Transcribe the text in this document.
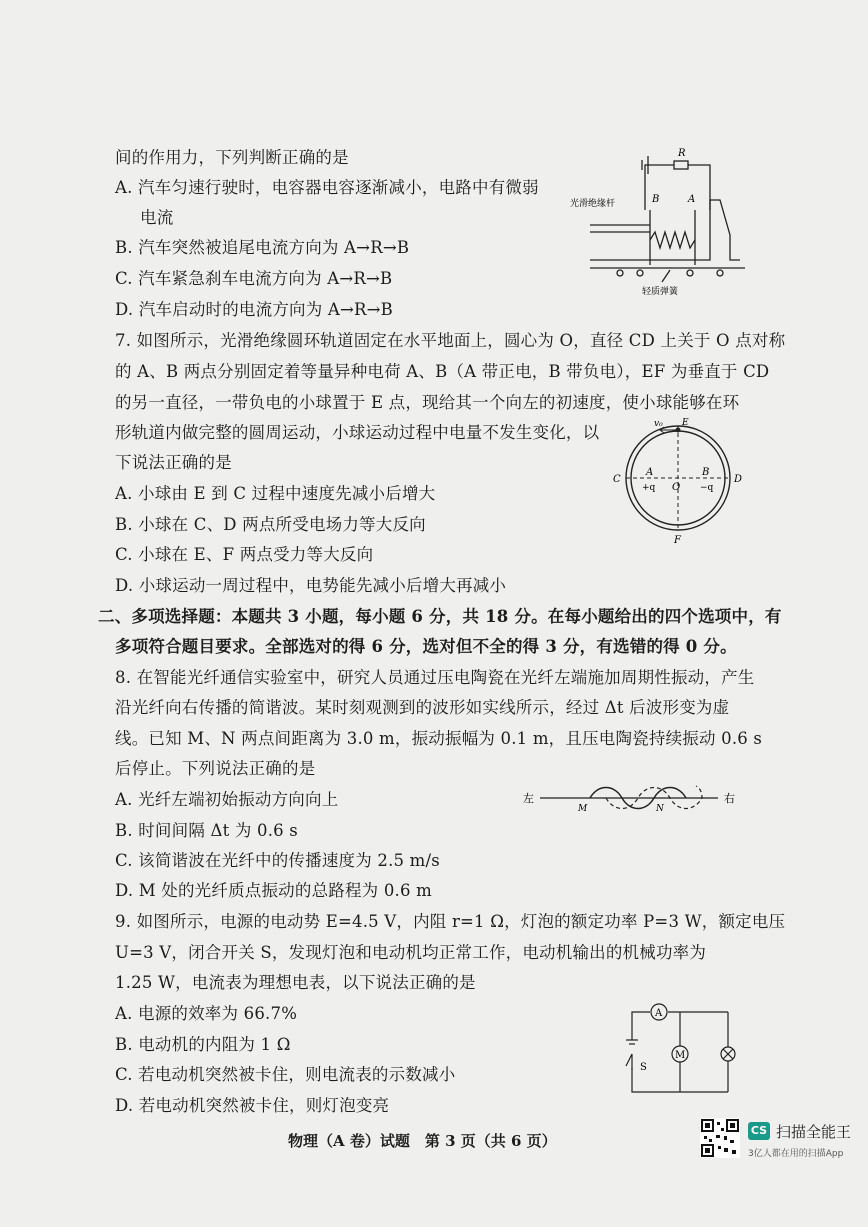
间的作用力，下列判断正确的是
A. 汽车匀速行驶时，电容器电容逐渐减小，电路中有微弱
电流
B. 汽车突然被追尾电流方向为 A→R→B
C. 汽车紧急刹车电流方向为 A→R→B
D. 汽车启动时的电流方向为 A→R→B
R
A
B
光滑绝缘杆
轻质弹簧
7. 如图所示，光滑绝缘圆环轨道固定在水平地面上，圆心为 O，直径 CD 上关于 O 点对称
的 A、B 两点分别固定着等量异种电荷 A、B（A 带正电，B 带负电），EF 为垂直于 CD
的另一直径，一带负电的小球置于 E 点，现给其一个向左的初速度，使小球能够在环
形轨道内做完整的圆周运动，小球运动过程中电量不发生变化，以
下说法正确的是
A. 小球由 E 到 C 过程中速度先减小后增大
B. 小球在 C、D 两点所受电场力等大反向
C. 小球在 E、F 两点受力等大反向
D. 小球运动一周过程中，电势能先减小后增大再减小
v₀ E
C	D
F
O
A	B
+q	−q
二、多项选择题：本题共 3 小题，每小题 6 分，共 18 分。在每小题给出的四个选项中，有
多项符合题目要求。全部选对的得 6 分，选对但不全的得 3 分，有选错的得 0 分。
8. 在智能光纤通信实验室中，研究人员通过压电陶瓷在光纤左端施加周期性振动，产生
沿光纤向右传播的简谐波。某时刻观测到的波形如实线所示，经过 Δt 后波形变为虚
线。已知 M、N 两点间距离为 3.0 m，振动振幅为 0.1 m，且压电陶瓷持续振动 0.6 s
后停止。下列说法正确的是
A. 光纤左端初始振动方向向上
B. 时间间隔 Δt 为 0.6 s
C. 该简谐波在光纤中的传播速度为 2.5 m/s
D. M 处的光纤质点振动的总路程为 0.6 m
左	右
M	N
9. 如图所示，电源的电动势 E=4.5 V，内阻 r=1 Ω，灯泡的额定功率 P=3 W，额定电压
U=3 V，闭合开关 S，发现灯泡和电动机均正常工作，电动机输出的机械功率为
1.25 W，电流表为理想电表，以下说法正确的是
A. 电源的效率为 66.7%
B. 电动机的内阻为 1 Ω
C. 若电动机突然被卡住，则电流表的示数减小
D. 若电动机突然被卡住，则灯泡变亮
A
M
S
物理（A 卷）试题　第 3 页（共 6 页）
CS 扫描全能王
3亿人都在用的扫描App
